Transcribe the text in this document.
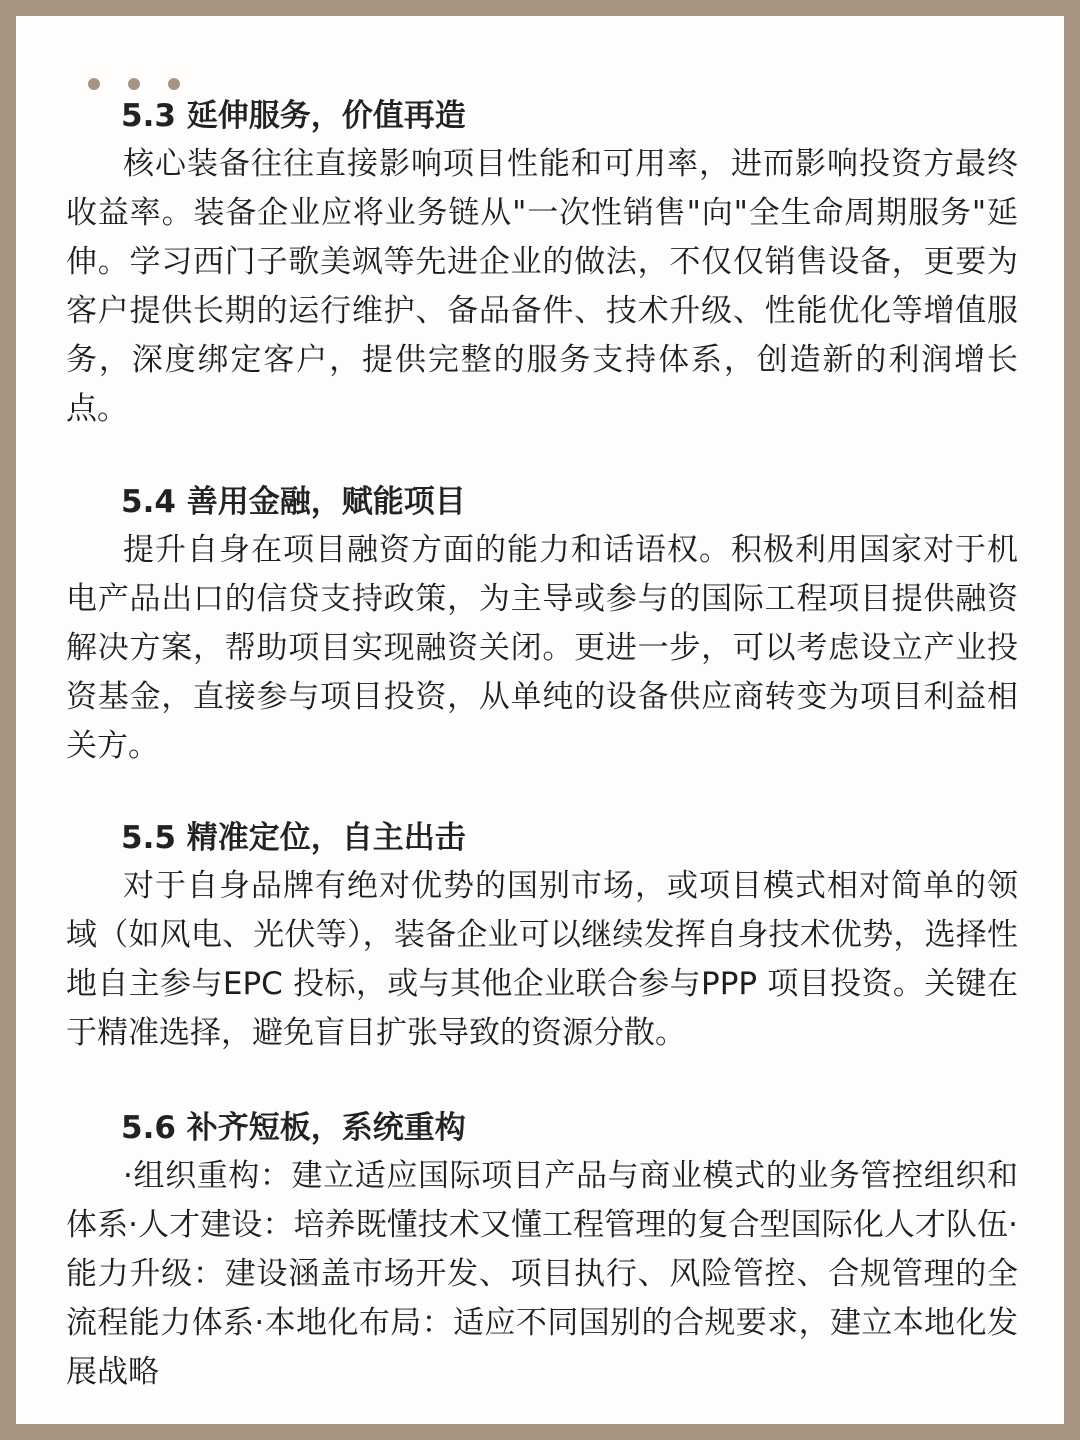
5.3 延伸服务，价值再造

核心装备往往直接影响项目性能和可用率，进而影响投资方最终收益率。装备企业应将业务链从"一次性销售"向"全生命周期服务"延伸。学习西门子歌美飒等先进企业的做法，不仅仅销售设备，更要为客户提供长期的运行维护、备品备件、技术升级、性能优化等增值服务，深度绑定客户，提供完整的服务支持体系，创造新的利润增长点。

5.4 善用金融，赋能项目

提升自身在项目融资方面的能力和话语权。积极利用国家对于机电产品出口的信贷支持政策，为主导或参与的国际工程项目提供融资解决方案，帮助项目实现融资关闭。更进一步，可以考虑设立产业投资基金，直接参与项目投资，从单纯的设备供应商转变为项目利益相关方。

5.5 精准定位，自主出击

对于自身品牌有绝对优势的国别市场，或项目模式相对简单的领域（如风电、光伏等），装备企业可以继续发挥自身技术优势，选择性地自主参与EPC 投标，或与其他企业联合参与PPP 项目投资。关键在于精准选择，避免盲目扩张导致的资源分散。

5.6 补齐短板，系统重构

·组织重构：建立适应国际项目产品与商业模式的业务管控组织和体系·人才建设：培养既懂技术又懂工程管理的复合型国际化人才队伍·能力升级：建设涵盖市场开发、项目执行、风险管控、合规管理的全流程能力体系·本地化布局：适应不同国别的合规要求，建立本地化发展战略
